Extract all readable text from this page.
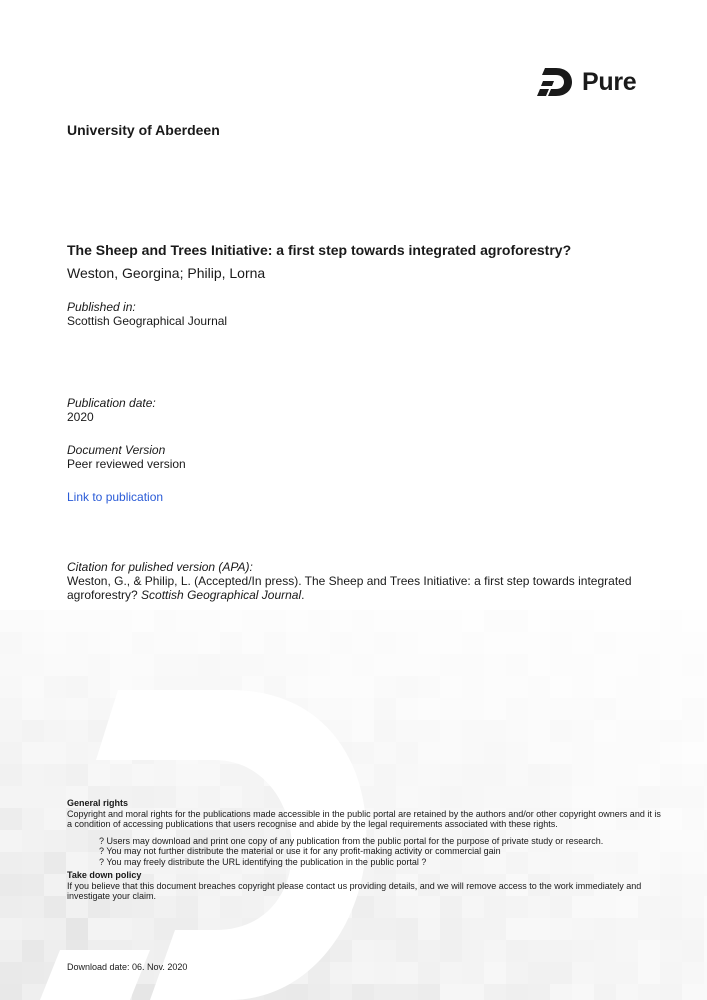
Pure
University of Aberdeen
The Sheep and Trees Initiative: a first step towards integrated agroforestry?
Weston, Georgina; Philip, Lorna
Published in:
Scottish Geographical Journal
Publication date:
2020
Document Version
Peer reviewed version
Link to publication
Citation for pulished version (APA):
Weston, G., & Philip, L. (Accepted/In press). The Sheep and Trees Initiative: a first step towards integrated agroforestry? Scottish Geographical Journal.
General rights
Copyright and moral rights for the publications made accessible in the public portal are retained by the authors and/or other copyright owners and it is a condition of accessing publications that users recognise and abide by the legal requirements associated with these rights.
? Users may download and print one copy of any publication from the public portal for the purpose of private study or research.
? You may not further distribute the material or use it for any profit-making activity or commercial gain
? You may freely distribute the URL identifying the publication in the public portal ?
Take down policy
If you believe that this document breaches copyright please contact us providing details, and we will remove access to the work immediately and investigate your claim.
Download date: 06. Nov. 2020
